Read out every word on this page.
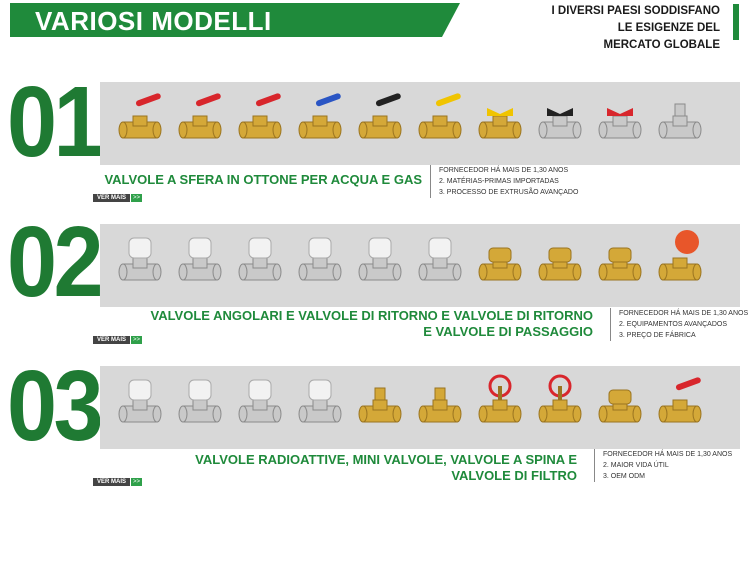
VARIOSI MODELLI	I DIVERSI PAESI SODDISFANO
LE ESIGENZE DEL
MERCATO GLOBALE
01
VALVOLE A SFERA IN OTTONE PER ACQUA E GAS
FORNECEDOR HÁ MAIS DE 1,30 ANOS
2. MATÉRIAS-PRIMAS IMPORTADAS
3. PROCESSO DE EXTRUSÃO AVANÇADO
VER MAIS	>>
02	VALVOLE ANGOLARI E VALVOLE DI RITORNO E VALVOLE DI RITORNO
E VALVOLE DI PASSAGGIO
FORNECEDOR HÁ MAIS DE 1,30 ANOS
2. EQUIPAMENTOS AVANÇADOS
3. PREÇO DE FÁBRICA
VER MAIS	>>
03	VALVOLE RADIOATTIVE, MINI VALVOLE, VALVOLE A SPINA E
VALVOLE DI FILTRO
FORNECEDOR HÁ MAIS DE 1,30 ANOS
2. MAIOR VIDA ÚTIL
3. OEM ODM
VER MAIS	>>
